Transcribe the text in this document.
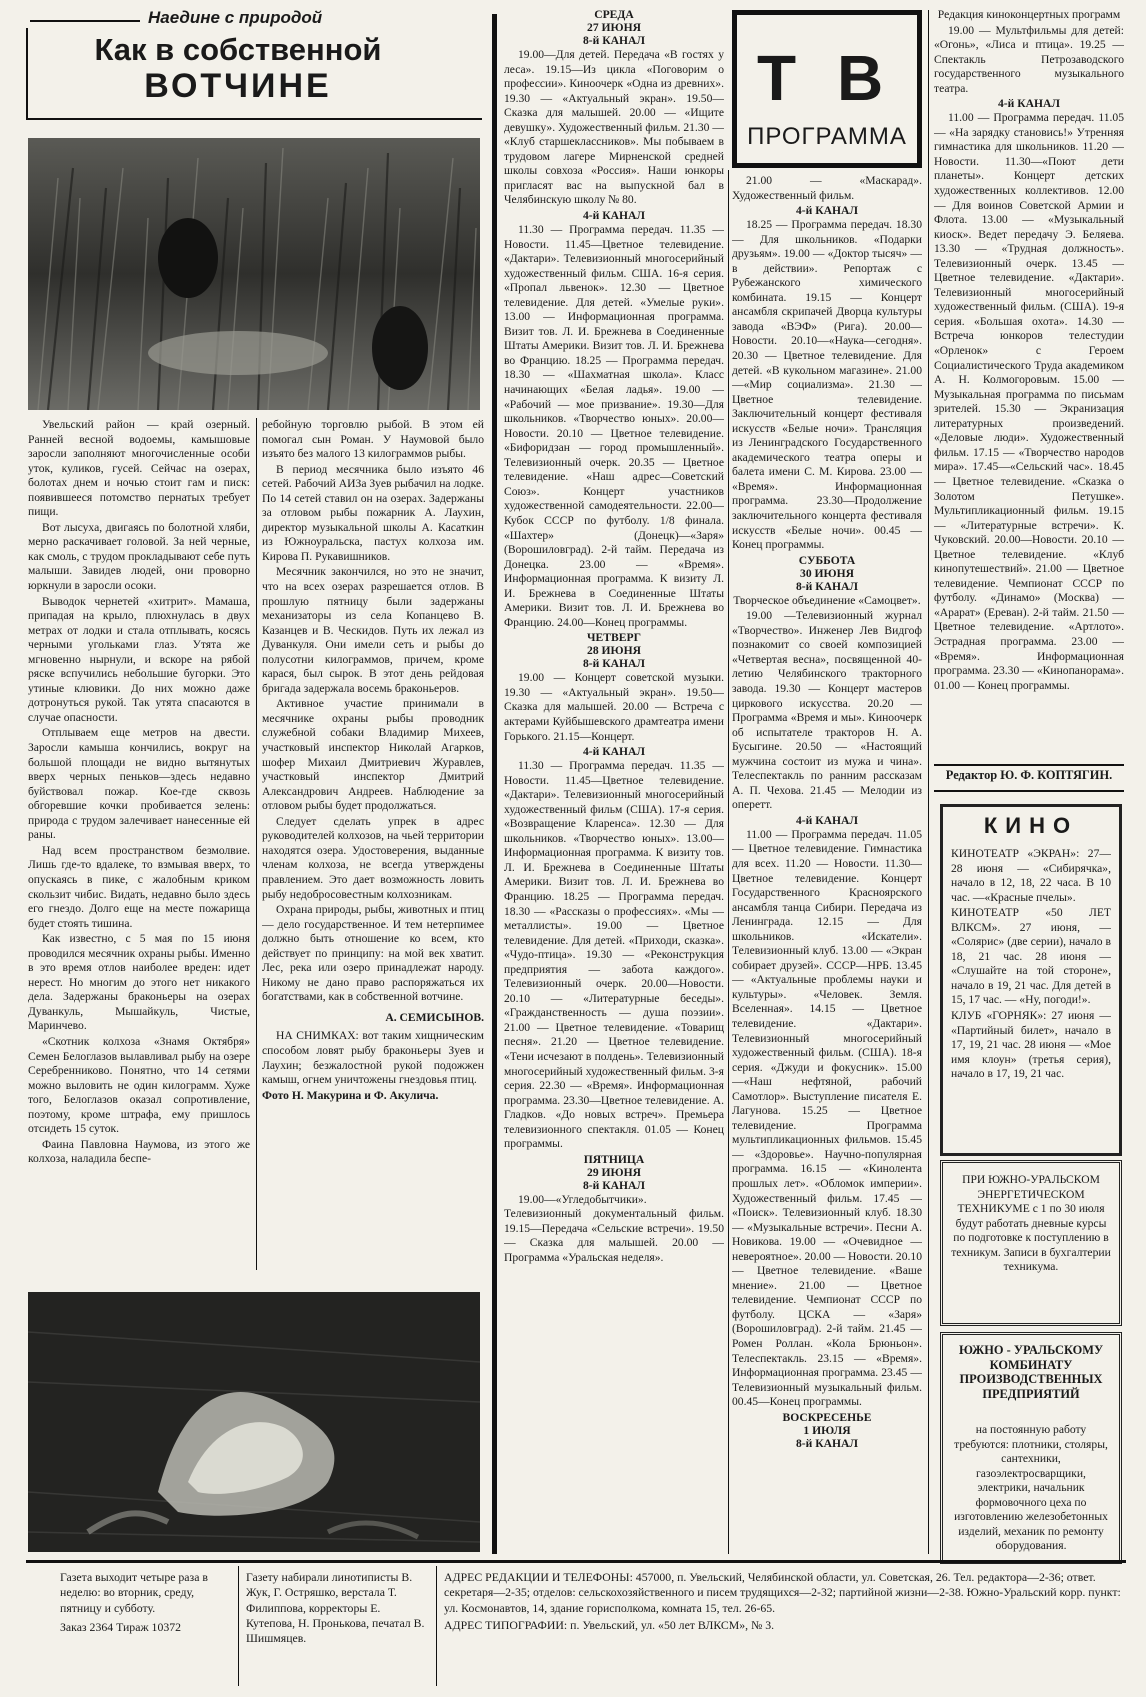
Наедине с природой
Как в собственной
ВОТЧИНЕ

Увельский район — край озерный. Ранней весной водоемы, камышовые заросли заполняют многочисленные особи уток, куликов, гусей. Сейчас на озерах, болотах днем и ночью стоит гам и писк: появившееся потомство пернатых требует пищи.

Вот лысуха, двигаясь по болотной хляби, мерно раскачивает головой. За ней черные, как смоль, с трудом прокладывают себе путь малыши. Завидев людей, они проворно юркнули в заросли осоки.

Выводок чернетей «хитрит». Мамаша, припадая на крыло, плюхнулась в двух метрах от лодки и стала отплывать, косясь черными угольками глаз. Утята же мгновенно нырнули, и вскоре на рябой ряске вспучились небольшие бугорки. Это утиные клювики. До них можно даже дотронуться рукой. Так утята спасаются в случае опасности.

Отплываем еще метров на двести. Заросли камыша кончились, вокруг на большой площади не видно вытянутых вверх черных пеньков—здесь недавно буйствовал пожар. Кое-где сквозь обгоревшие кочки пробивается зелень: природа с трудом залечивает нанесенные ей раны.

Над всем пространством безмолвие. Лишь где-то вдалеке, то взмывая вверх, то опускаясь в пике, с жалобным криком скользит чибис. Видать, недавно было здесь его гнездо. Долго еще на месте пожарища будет стоять тишина.

Как известно, с 5 мая по 15 июня проводился месячник охраны рыбы. Именно в это время отлов наиболее вреден: идет нерест. Но многим до этого нет никакого дела. Задержаны браконьеры на озерах Дуванкуль, Мышайкуль, Чистые, Маринчево.

«Скотник колхоза «Знамя Октября» Семен Белоглазов вылавливал рыбу на озере Серебренниково. Понятно, что 14 сетями можно выловить не один килограмм. Хуже того, Белоглазов оказал сопротивление, поэтому, кроме штрафа, ему пришлось отсидеть 15 суток.

Фаина Павловна Наумова, из этого же колхоза, наладила беспе-

ребойную торговлю рыбой. В этом ей помогал сын Роман. У Наумовой было изъято без малого 13 килограммов рыбы.

В период месячника было изъято 46 сетей. Рабочий АИЗа Зуев рыбачил на лодке. По 14 сетей ставил он на озерах. Задержаны за отловом рыбы пожарник А. Лаухин, директор музыкальной школы А. Касаткин из Южноуральска, пастух колхоза им. Кирова П. Рукавишников.

Месячник закончился, но это не значит, что на всех озерах разрешается отлов. В прошлую пятницу были задержаны механизаторы из села Копанцево В. Казанцев и В. Ческидов. Путь их лежал из Дуванкуля. Они имели сеть и рыбы до полусотни килограммов, причем, кроме карася, был сырок. В этот день рейдовая бригада задержала восемь браконьеров.

Активное участие принимали в месячнике охраны рыбы проводник служебной собаки Владимир Михеев, участковый инспектор Николай Агарков, шофер Михаил Дмитриевич Журавлев, участковый инспектор Дмитрий Александрович Андреев. Наблюдение за отловом рыбы будет продолжаться.

Следует сделать упрек в адрес руководителей колхозов, на чьей территории находятся озера. Удостоверения, выданные членам колхоза, не всегда утверждены правлением. Это дает возможность ловить рыбу недобросовестным колхозникам.

Охрана природы, рыбы, животных и птиц — дело государственное. И тем нетерпимее должно быть отношение ко всем, кто действует по принципу: на мой век хватит. Лес, река или озеро принадлежат народу. Никому не дано право распоряжаться их богатствами, как в собственной вотчине.

А. СЕМИСЫНОВ.

НА СНИМКАХ: вот таким хищническим способом ловят рыбу браконьеры Зуев и Лаухин; безжалостной рукой подожжен камыш, огнем уничтожены гнездовья птиц.

Фото Н. Макурина и Ф. Акулича.

СРЕДА
27 ИЮНЯ
8-й КАНАЛ

19.00—Для детей. Передача «В гостях у леса». 19.15—Из цикла «Поговорим о профессии». Киноочерк «Одна из древних». 19.30 — «Актуальный экран». 19.50—Сказка для малышей. 20.00 — «Ищите девушку». Художественный фильм. 21.30 — «Клуб старшеклассников». Мы побываем в трудовом лагере Мирненской средней школы совхоза «Россия». Наши юнкоры пригласят вас на выпускной бал в Челябинскую школу № 80.

4-й КАНАЛ

11.30 — Программа передач. 11.35 — Новости. 11.45—Цветное телевидение. «Дактари». Телевизионный многосерийный художественный фильм. США. 16-я серия. «Пропал львенок». 12.30 — Цветное телевидение. Для детей. «Умелые руки». 13.00 — Информационная программа. Визит тов. Л. И. Брежнева в Соединенные Штаты Америки. Визит тов. Л. И. Брежнева во Францию. 18.25 — Программа передач. 18.30 — «Шахматная школа». Класс начинающих «Белая ладья». 19.00 — «Рабочий — мое призвание». 19.30—Для школьников. «Творчество юных». 20.00—Новости. 20.10 — Цветное телевидение. «Бифоридзан — город промышленный». Телевизионный очерк. 20.35 — Цветное телевидение. «Наш адрес—Советский Союз». Концерт участников художественной самодеятельности. 22.00—Кубок СССР по футболу. 1/8 финала. «Шахтер» (Донецк)—«Заря» (Ворошиловград). 2-й тайм. Передача из Донецка. 23.00 — «Время». Информационная программа. К визиту Л. И. Брежнева в Соединенные Штаты Америки. Визит тов. Л. И. Брежнева во Францию. 24.00—Конец программы.

ЧЕТВЕРГ
28 ИЮНЯ
8-й КАНАЛ

19.00 — Концерт советской музыки. 19.30 — «Актуальный экран». 19.50—Сказка для малышей. 20.00 — Встреча с актерами Куйбышевского драмтеатра имени Горького. 21.15—Концерт.

4-й КАНАЛ

11.30 — Программа передач. 11.35 — Новости. 11.45—Цветное телевидение. «Дактари». Телевизионный многосерийный художественный фильм (США). 17-я серия. «Возвращение Кларенса». 12.30 — Для школьников. «Творчество юных». 13.00—Информационная программа. К визиту тов. Л. И. Брежнева в Соединенные Штаты Америки. Визит тов. Л. И. Брежнева во Францию. 18.25 — Программа передач. 18.30 — «Рассказы о профессиях». «Мы — металлисты». 19.00 — Цветное телевидение. Для детей. «Приходи, сказка». «Чудо-птица». 19.30 — «Реконструкция предприятия — забота каждого». Телевизионный очерк. 20.00—Новости. 20.10 — «Литературные беседы». «Гражданственность — душа поэзии». 21.00 — Цветное телевидение. «Товарищ песня». 21.20 — Цветное телевидение. «Тени исчезают в полдень». Телевизионный многосерийный художественный фильм. 3-я серия. 22.30 — «Время». Информационная программа. 23.30—Цветное телевидение. А. Гладков. «До новых встреч». Премьера телевизионного спектакля. 01.05 — Конец программы.

ПЯТНИЦА
29 ИЮНЯ
8-й КАНАЛ

19.00—«Угледобытчики». Телевизионный документальный фильм. 19.15—Передача «Сельские встречи». 19.50 — Сказка для малышей. 20.00 — Программа «Уральская неделя».

Т В
ПРОГРАММА

21.00 — «Маскарад». Художественный фильм.

4-й КАНАЛ

18.25 — Программа передач. 18.30 — Для школьников. «Подарки друзьям». 19.00 — «Доктор тысяч» — в действии». Репортаж с Рубежанского химического комбината. 19.15 — Концерт ансамбля скрипачей Дворца культуры завода «ВЭФ» (Рига). 20.00—Новости. 20.10—«Наука—сегодня». 20.30 — Цветное телевидение. Для детей. «В кукольном магазине». 21.00—«Мир социализма». 21.30 — Цветное телевидение. Заключительный концерт фестиваля искусств «Белые ночи». Трансляция из Ленинградского Государственного академического театра оперы и балета имени С. М. Кирова. 23.00 — «Время». Информационная программа. 23.30—Продолжение заключительного концерта фестиваля искусств «Белые ночи». 00.45 — Конец программы.

СУББОТА
30 ИЮНЯ
8-й КАНАЛ

Творческое объединение «Самоцвет».

19.00 —Телевизионный журнал «Творчество». Инженер Лев Видгоф познакомит со своей композицией «Четвертая весна», посвященной 40-летию Челябинского тракторного завода. 19.30 — Концерт мастеров циркового искусства. 20.20 — Программа «Время и мы». Киноочерк об испытателе тракторов Н. А. Бусыгине. 20.50 — «Настоящий мужчина состоит из мужа и чина». Телеспектакль по ранним рассказам А. П. Чехова. 21.45 — Мелодии из оперетт.

4-й КАНАЛ

11.00 — Программа передач. 11.05 — Цветное телевидение. Гимнастика для всех. 11.20 — Новости. 11.30—Цветное телевидение. Концерт Государственного Красноярского ансамбля танца Сибири. Передача из Ленинграда. 12.15 — Для школьников. «Искатели». Телевизионный клуб. 13.00 — «Экран собирает друзей». СССР—НРБ. 13.45 — «Актуальные проблемы науки и культуры». «Человек. Земля. Вселенная». 14.15 — Цветное телевидение. «Дактари». Телевизионный многосерийный художественный фильм. (США). 18-я серия. «Джуди и фокусник». 15.00—«Наш нефтяной, рабочий Самотлор». Выступление писателя Е. Лагунова. 15.25 — Цветное телевидение. Программа мультипликационных фильмов. 15.45 — «Здоровье». Научно-популярная программа. 16.15 — «Кинолента прошлых лет». «Обломок империи». Художественный фильм. 17.45 — «Поиск». Телевизионный клуб. 18.30 — «Музыкальные встречи». Песни А. Новикова. 19.00 — «Очевидное — невероятное». 20.00 — Новости. 20.10 — Цветное телевидение. «Ваше мнение». 21.00 — Цветное телевидение. Чемпионат СССР по футболу. ЦСКА — «Заря» (Ворошиловград). 2-й тайм. 21.45 — Ромен Роллан. «Кола Брюньон». Телеспектакль. 23.15 — «Время». Информационная программа. 23.45 — Телевизионный музыкальный фильм. 00.45—Конец программы.

ВОСКРЕСЕНЬЕ
1 ИЮЛЯ
8-й КАНАЛ

Редакция киноконцертных программ

19.00 — Мультфильмы для детей: «Огонь», «Лиса и птица». 19.25 — Спектакль Петрозаводского государственного музыкального театра.

4-й КАНАЛ

11.00 — Программа передач. 11.05 — «На зарядку становись!» Утренняя гимнастика для школьников. 11.20 — Новости. 11.30—«Поют дети планеты». Концерт детских художественных коллективов. 12.00 — Для воинов Советской Армии и Флота. 13.00 — «Музыкальный киоск». Ведет передачу Э. Беляева. 13.30 — «Трудная должность». Телевизионный очерк. 13.45 — Цветное телевидение. «Дактари». Телевизионный многосерийный художественный фильм. (США). 19-я серия. «Большая охота». 14.30 — Встреча юнкоров телестудии «Орленок» с Героем Социалистического Труда академиком А. Н. Колмогоровым. 15.00 —Музыкальная программа по письмам зрителей. 15.30 — Экранизация литературных произведений. «Деловые люди». Художественный фильм. 17.15 — «Творчество народов мира». 17.45—«Сельский час». 18.45 — Цветное телевидение. «Сказка о Золотом Петушке». Мультипликационный фильм. 19.15 — «Литературные встречи». К. Чуковский. 20.00—Новости. 20.10 — Цветное телевидение. «Клуб кинопутешествий». 21.00 — Цветное телевидение. Чемпионат СССР по футболу. «Динамо» (Москва) — «Арарат» (Ереван). 2-й тайм. 21.50 — Цветное телевидение. «Артлото». Эстрадная программа. 23.00 — «Время». Информационная программа. 23.30 — «Кинопанорама». 01.00 — Конец программы.

Редактор Ю. Ф. КОПТЯГИН.
КИНО

КИНОТЕАТР «ЭКРАН»: 27—28 июня — «Сибирячка», начало в 12, 18, 22 часа. В 10 час. —«Красные пчелы».

КИНОТЕАТР «50 ЛЕТ ВЛКСМ». 27 июня, — «Солярис» (две серии), начало в 18, 21 час. 28 июня — «Слушайте на той стороне», начало в 19, 21 час. Для детей в 15, 17 час. — «Ну, погоди!».

КЛУБ «ГОРНЯК»: 27 июня — «Партийный билет», начало в 17, 19, 21 час. 28 июня — «Мое имя клоун» (третья серия), начало в 17, 19, 21 час.

ПРИ ЮЖНО-УРАЛЬСКОМ ЭНЕРГЕТИЧЕСКОМ ТЕХНИКУМЕ с 1 по 30 июля будут работать дневные курсы по подготовке к поступлению в техникум. Записи в бухгалтерии техникума.
ЮЖНО - УРАЛЬСКОМУ КОМБИНАТУ ПРОИЗВОДСТВЕННЫХ ПРЕДПРИЯТИЙ
на постоянную работу требуются: плотники, столяры, сантехники, газоэлектросварщики, электрики, начальник формовочного цеха по изготовлению железобетонных изделий, механик по ремонту оборудования.
Газета выходит четыре раза в неделю: во вторник, среду, пятницу и субботу.
Заказ 2364 Тираж 10372
Газету набирали линотиписты В. Жук, Г. Остряшко, верстала Т. Филиппова, корректоры Е. Кутепова, Н. Пронькова, печатал В. Шишмяцев.
АДРЕС РЕДАКЦИИ И ТЕЛЕФОНЫ: 457000, п. Увельский, Челябинской области, ул. Советская, 26. Тел. редактора—2-36; ответ. секретаря—2-35; отделов: сельскохозяйственного и писем трудящихся—2-32; партийной жизни—2-38. Южно-Уральский корр. пункт: ул. Космонавтов, 14, здание горисполкома, комната 15, тел. 26-65.
АДРЕС ТИПОГРАФИИ: п. Увельский, ул. «50 лет ВЛКСМ», № 3.
